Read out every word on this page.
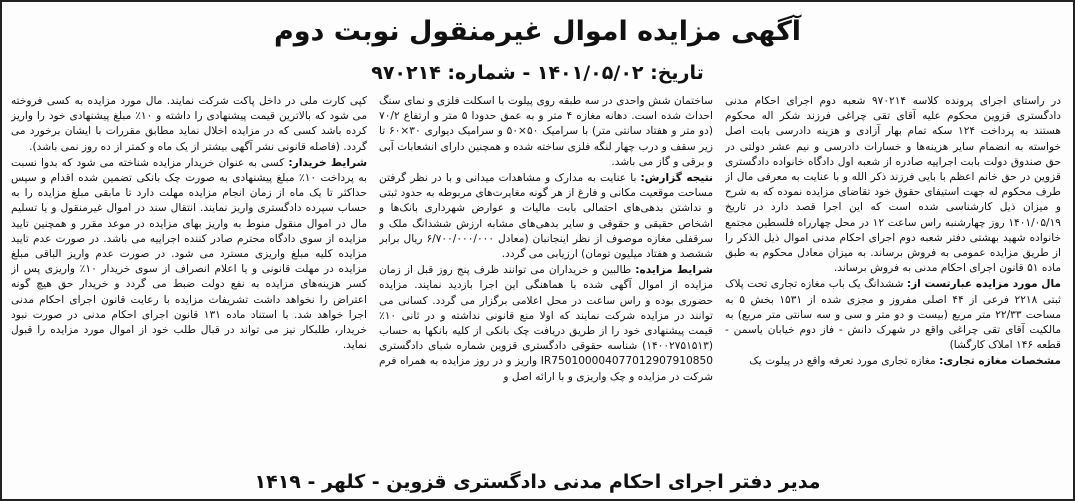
آگهی مزایده اموال غیرمنقول نوبت دوم
تاریخ: ۱۴۰۱/۰۵/۰۲ - شماره: ۹۷۰۲۱۴

در راستای اجرای پرونده کلاسه ۹۷۰۲۱۴ شعبه دوم اجرای احکام مدنی دادگستری قزوین محکوم علیه آقای تقی چراغی فرزند شکر اله محکوم هستند به پرداخت ۱۲۴ سکه تمام بهار آزادی و هزینه دادرسی بابت اصل خواسته به انضمام سایر هزینه‌ها و خسارات دادرسی و نیم عشر دولتی در حق صندوق دولت بابت اجراییه صادره از شعبه اول دادگاه خانواده دادگستری قزوین در حق خانم اعظم با بایی فرزند ذکر الله و با عنایت به معرفی مال از طرف محکوم له جهت استیفای حقوق خود تقاضای مزایده نموده که به شرح و میزان ذیل کارشناسی شده است که این اجرا قصد دارد در تاریخ ۱۴۰۱/۰۵/۱۹ روز چهارشنبه راس ساعت ۱۲ در محل چهارراه فلسطین مجتمع خانواده شهید بهشتی دفتر شعبه دوم اجرای احکام مدنی اموال ذیل الذکر را از طریق مزایده عمومی به فروش برساند. به میزان معادل محکوم به طبق ماده ۵۱ قانون اجرای احکام مدنی به فروش برساند.

مال مورد مزایده عبارتست از: ششدانگ یک باب مغازه تجاری تحت پلاک ثبتی ۲۲۱۸ فرعی از ۴۴ اصلی مفروز و مجزی شده از ۱۵۳۱ بخش ۵ به مساحت ۲۲/۳۳ متر مربع (بیست و دو متر و سی و سه سانتی متر مربع) به مالکیت آقای تقی چراغی واقع در شهرک دانش - فاز دوم خیابان یاسمن - قطعه ۱۴۶ املاک کارگشا)

مشخصات مغازه تجاری: مغازه تجاری مورد تعرفه واقع در پیلوت یک

ساختمان شش واحدی در سه طبقه روی پیلوت با اسکلت فلزی و نمای سنگ احداث شده است. دهانه مغازه ۴ متر و به عمق حدودا ۵ متر و ارتفاع ۷۰/۲ (دو متر و هفتاد سانتی متر) با سرامیک ۵۰×۵۰ و سرامیک دیواری ۳۰×۶۰ تا زیر سقف و درب چهار لنگه فلزی ساخته شده و همچنین دارای انشعابات آبی و برقی و گاز می باشد.

نتیجه گزارش: با عنایت به مدارک و مشاهدات میدانی و با در نظر گرفتن مساحت موقعیت مکانی و فارغ از هر گونه مغایرت‌های مربوطه به حدود ثبتی و نداشتن بدهی‌های احتمالی بابت مالیات و عوارض شهرداری بانک‌ها و اشخاص حقیقی و حقوقی و سایر بدهی‌های مشابه ارزش ششدانگ ملک و سرقفلی مغازه موصوف از نظر اینجانبان (معادل ۶/۷۰۰/۰۰۰/۰۰۰ ریال برابر ششصد و هفتاد میلیون تومان) ارزیابی می گردد.

شرایط مزایده: طالبین و خریداران می توانند ظرف پنج روز قبل از زمان مزایده از اموال آگهی شده با هماهنگی این اجرا بازدید نمایند. مزایده حضوری بوده و راس ساعت در محل اعلامی برگزار می گردد. کسانی می توانند در مزایده شرکت نمایند که اولا منع قانونی نداشته و در ثانی ۱۰٪ قیمت پیشنهادی خود را از طریق دریافت چک بانکی از کلیه بانکها به حساب (۱۴۰۰۲۷۵۱۵۱۳) شناسه حقوقی دادگستری قزوین شماره شبای دادگستری IR750100004077012907910850 واریز و در روز مزایده به همراه فرم شرکت در مزایده و چک واریزی و با ارائه اصل و

کپی کارت ملی در داخل پاکت شرکت نمایند. مال مورد مزایده به کسی فروخته می شود که بالاترین قیمت پیشنهادی را داشته و ۱۰٪ مبلغ پیشنهادی خود را واریز کرده باشد کسی که در مزایده اخلال نماید مطابق مقررات با ایشان برخورد می گردد. (فاصله قانونی نشر آگهی بیشتر از یک ماه و کمتر از ده روز نمی باشد).

شرایط خریدار: کسی به عنوان خریدار مزایده شناخته می شود که بدوا نسبت به پرداخت ۱۰٪ مبلغ پیشنهادی به صورت چک بانکی تضمین شده اقدام و سپس حداکثر تا یک ماه از زمان انجام مزایده مهلت دارد تا مابقی مبلغ مزایده را به حساب سپرده دادگستری واریز نمایند. انتقال سند در اموال غیرمنقول و یا تسلیم مال در اموال منقول منوط به واریز بهای مزایده در موعد مقرر و همچنین تایید مزایده از سوی دادگاه محترم صادر کننده اجراییه می باشد. در صورت عدم تایید مزایده کلیه مبلغ واریزی مسترد می شود. در صورت عدم واریز الباقی مبلغ مزایده در مهلت قانونی و یا اعلام انصراف از سوی خریدار ۱۰٪ واریزی پس از کسر هزینه‌های مزایده به نفع دولت ضبط می گردد و خریدار حق هیچ گونه اعتراض را نخواهد داشت تشریفات مزایده با رعایت قانون اجرای احکام مدنی اجرا خواهد شد. با استناد ماده ۱۳۱ قانون اجرای احکام مدنی در صورت نبود خریدار، طلبکار نیز می تواند در قبال طلب خود از اموال مورد مزایده را قبول نماید.

مدیر دفتر اجرای احکام مدنی دادگستری قزوین - کلهر - ۱۴۱۹
